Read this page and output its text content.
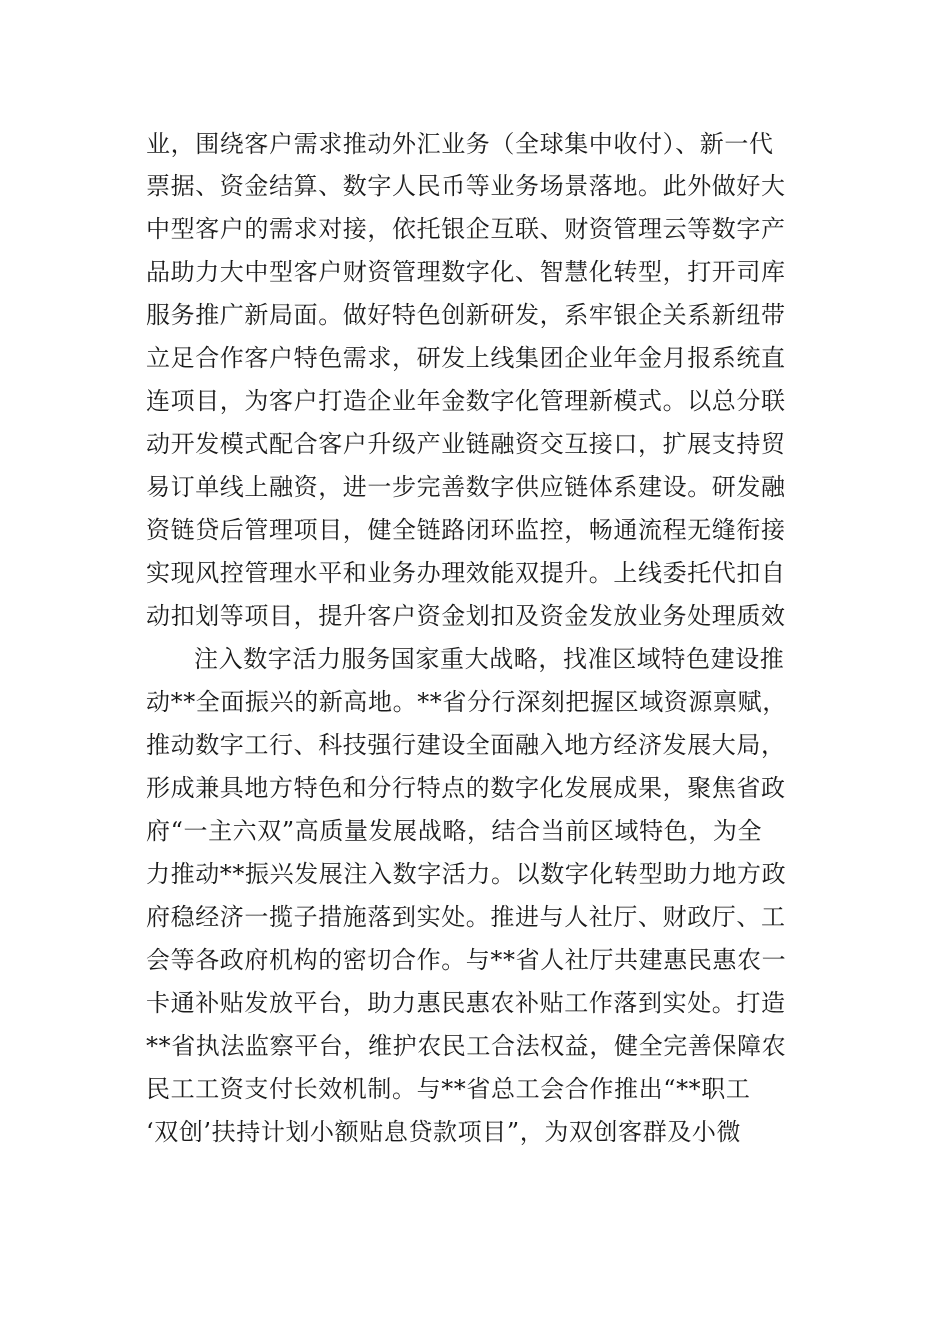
业，围绕客户需求推动外汇业务（全球集中收付）、新一代
票据、资金结算、数字人民币等业务场景落地。此外做好大
中型客户的需求对接，依托银企互联、财资管理云等数字产
品助力大中型客户财资管理数字化、智慧化转型，打开司库
服务推广新局面。做好特色创新研发，系牢银企关系新纽带
立足合作客户特色需求，研发上线集团企业年金月报系统直
连项目，为客户打造企业年金数字化管理新模式。以总分联
动开发模式配合客户升级产业链融资交互接口，扩展支持贸
易订单线上融资，进一步完善数字供应链体系建设。研发融
资链贷后管理项目，健全链路闭环监控，畅通流程无缝衔接
实现风控管理水平和业务办理效能双提升。上线委托代扣自
动扣划等项目，提升客户资金划扣及资金发放业务处理质效
注入数字活力服务国家重大战略，找准区域特色建设推
动**全面振兴的新高地。**省分行深刻把握区域资源禀赋，
推动数字工行、科技强行建设全面融入地方经济发展大局，
形成兼具地方特色和分行特点的数字化发展成果，聚焦省政
府“一主六双”高质量发展战略，结合当前区域特色，为全
力推动**振兴发展注入数字活力。以数字化转型助力地方政
府稳经济一揽子措施落到实处。推进与人社厅、财政厅、工
会等各政府机构的密切合作。与**省人社厅共建惠民惠农一
卡通补贴发放平台，助力惠民惠农补贴工作落到实处。打造
**省执法监察平台，维护农民工合法权益，健全完善保障农
民工工资支付长效机制。与**省总工会合作推出“**职工
‘双创’扶持计划小额贴息贷款项目”，为双创客群及小微
